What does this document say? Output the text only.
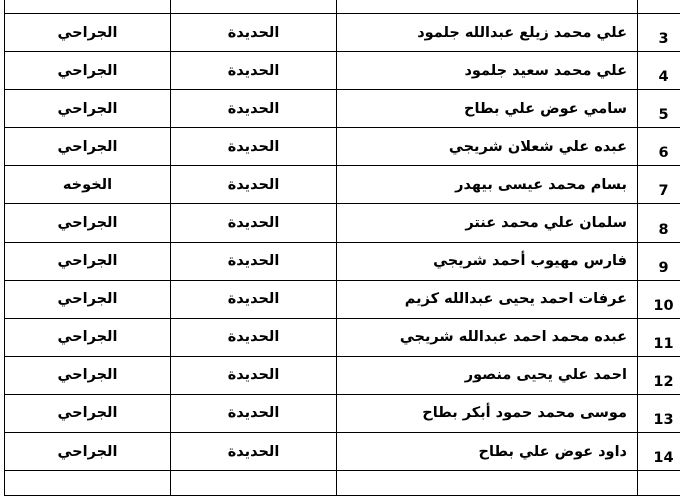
الجراحي	الحديدة	علي محمد زيلع عبدالله جلمود	3
الجراحي	الحديدة	علي محمد سعيد جلمود	4
الجراحي	الحديدة	سامي عوض علي بطاح	5
الجراحي	الحديدة	عبده علي شعلان شريجي	6
الخوخه	الحديدة	بسام محمد عيسى بيهدر	7
الجراحي	الحديدة	سلمان علي محمد عنتر	8
الجراحي	الحديدة	فارس مهيوب أحمد شريجي	9
الجراحي	الحديدة	عرفات احمد يحيى عبدالله كزيم	10
الجراحي	الحديدة	عبده محمد احمد عبدالله شريجي	11
الجراحي	الحديدة	احمد علي يحيى منصور	12
الجراحي	الحديدة	موسى محمد حمود أبكر بطاح	13
الجراحي	الحديدة	داود عوض علي بطاح	14
